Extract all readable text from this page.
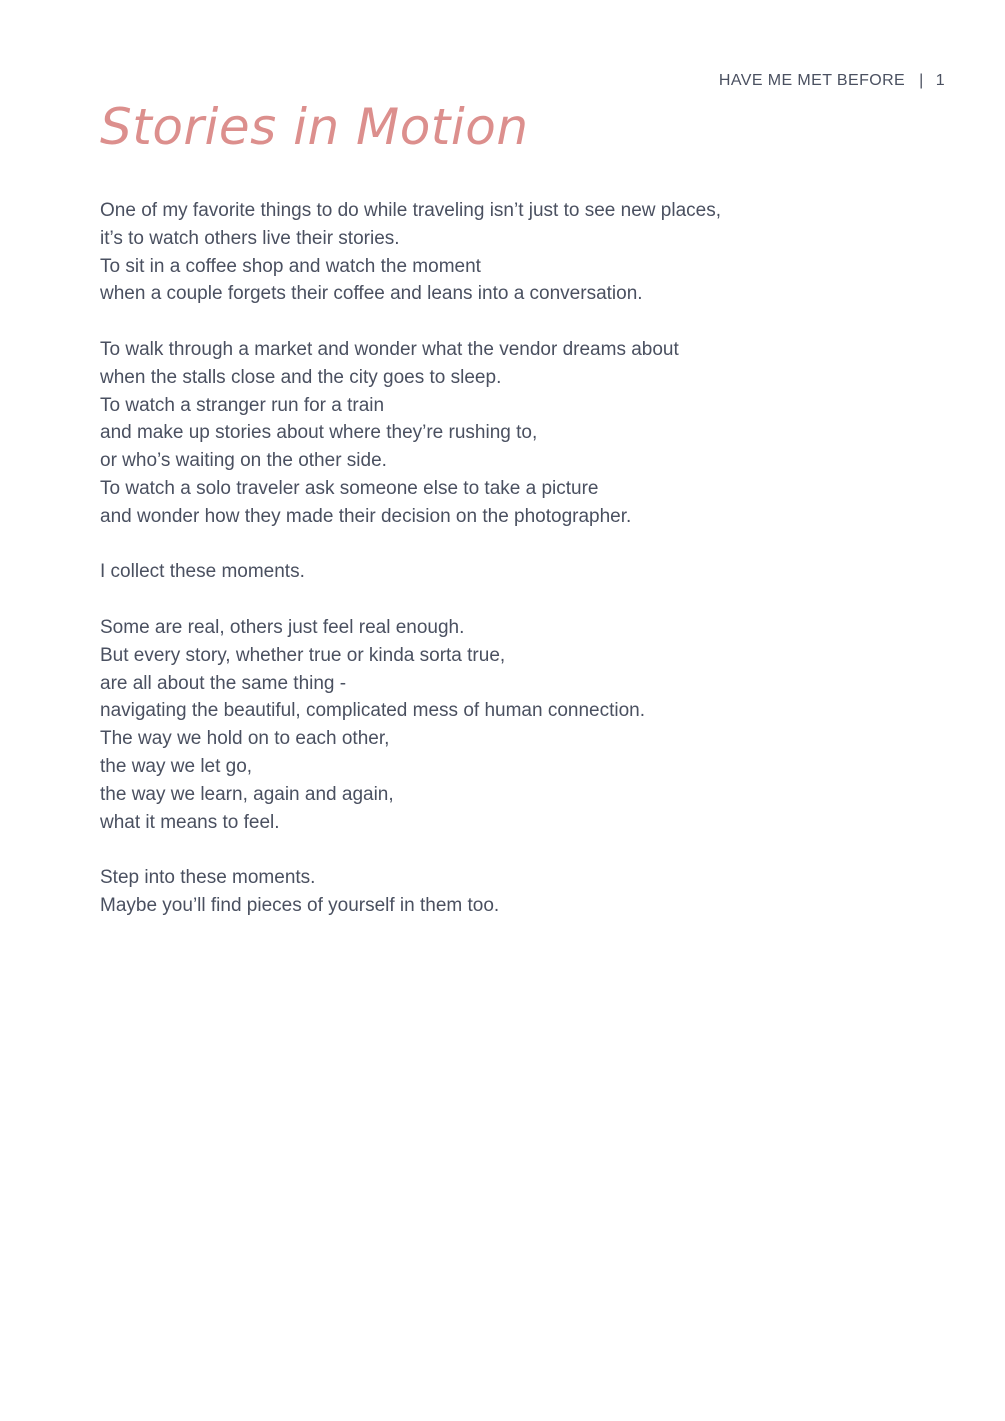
HAVE ME MET BEFORE | 1
Stories in Motion
One of my favorite things to do while traveling isn’t just to see new places,
it’s to watch others live their stories.
To sit in a coffee shop and watch the moment
when a couple forgets their coffee and leans into a conversation.
To walk through a market and wonder what the vendor dreams about
when the stalls close and the city goes to sleep.
To watch a stranger run for a train
and make up stories about where they’re rushing to,
or who’s waiting on the other side.
To watch a solo traveler ask someone else to take a picture
and wonder how they made their decision on the photographer.
I collect these moments.
Some are real, others just feel real enough.
But every story, whether true or kinda sorta true,
are all about the same thing -
navigating the beautiful, complicated mess of human connection.
The way we hold on to each other,
the way we let go,
the way we learn, again and again,
what it means to feel.
Step into these moments.
Maybe you’ll find pieces of yourself in them too.
